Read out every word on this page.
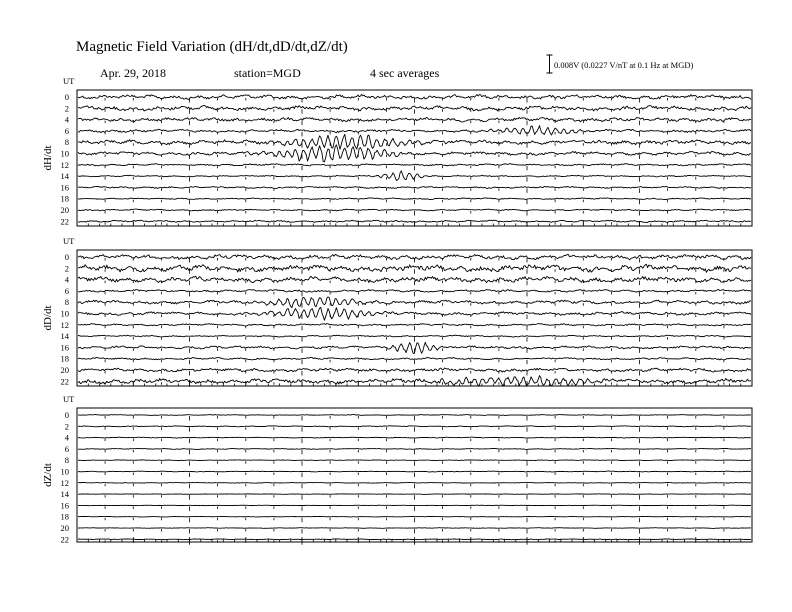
Magnetic Field Variation (dH/dt,dD/dt,dZ/dt)
Apr. 29, 2018	station=MGD	4 sec averages
0.008V (0.0227 V/nT at 0.1 Hz at MGD)
UT
dH/dt
0
2
4
6
8
10
12
14
16
18
20
22
UT
dD/dt
0
2
4
6
8
10
12
14
16
18
20
22
UT
dZ/dt
0
2
4
6
8
10
12
14
16
18
20
22
